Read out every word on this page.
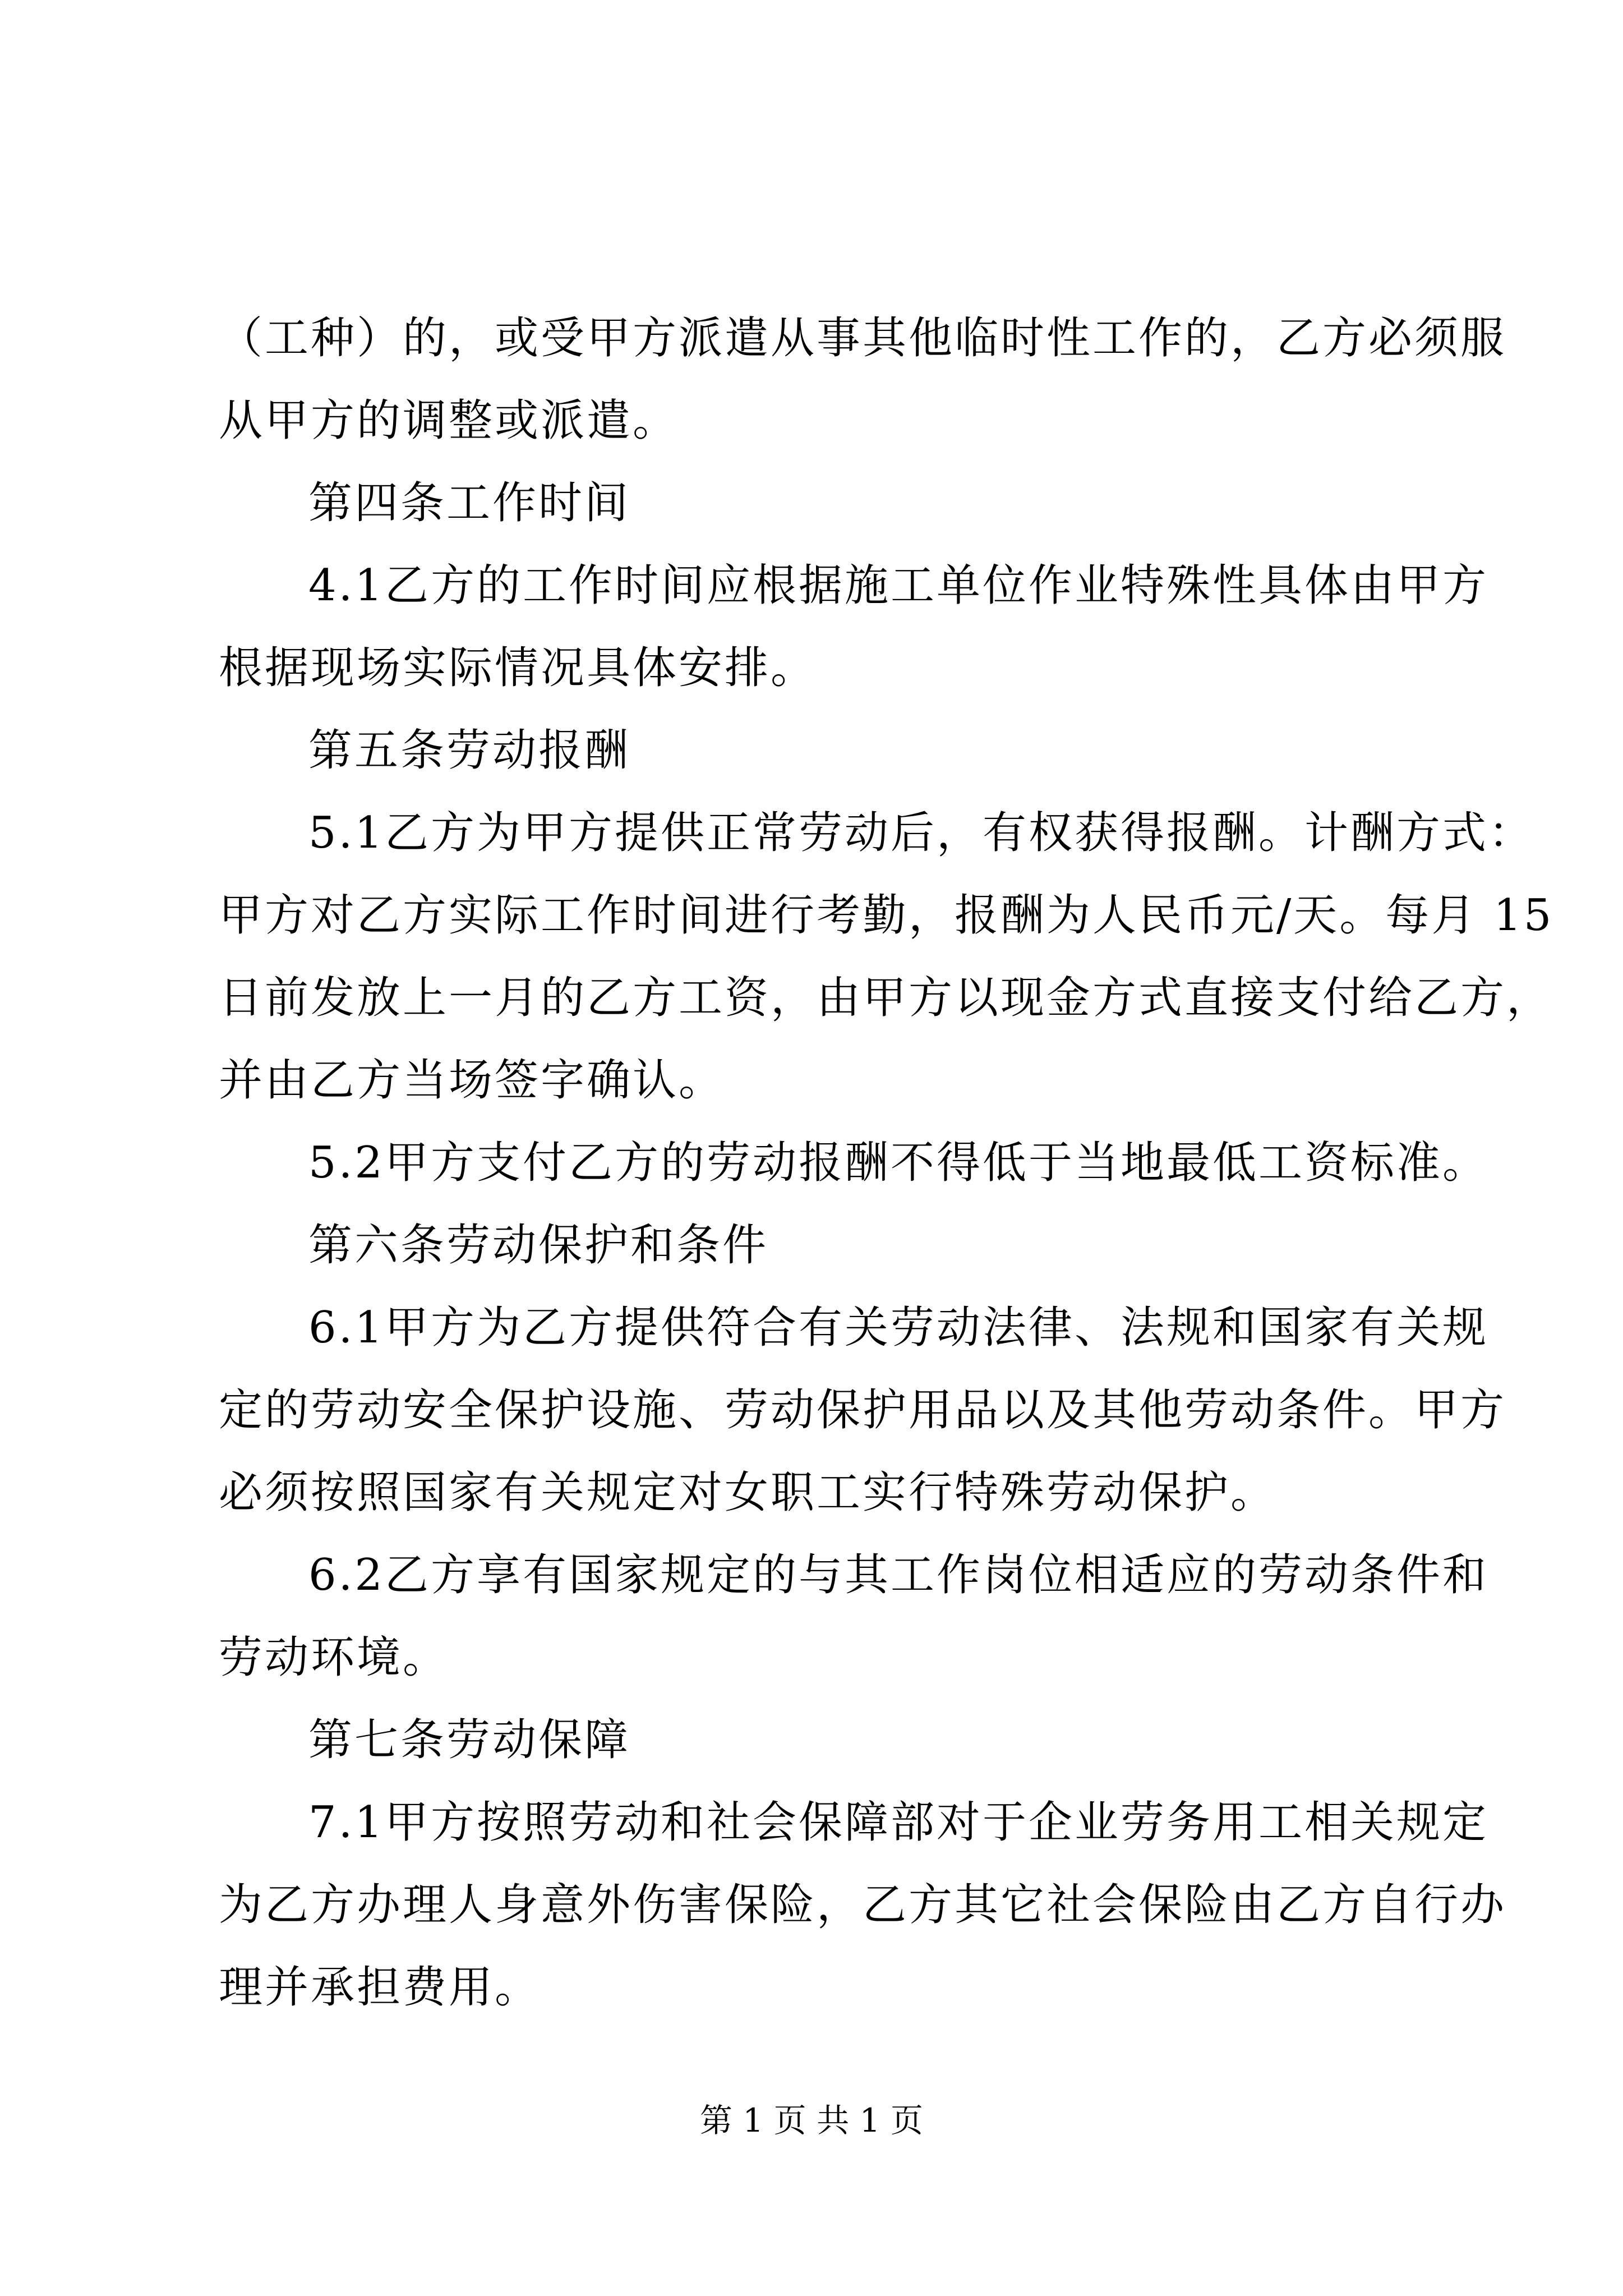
（工种）的，或受甲方派遣从事其他临时性工作的，乙方必须服
从甲方的调整或派遣。
第四条工作时间
4.1乙方的工作时间应根据施工单位作业特殊性具体由甲方
根据现场实际情况具体安排。
第五条劳动报酬
5.1乙方为甲方提供正常劳动后，有权获得报酬。计酬方式：
甲方对乙方实际工作时间进行考勤，报酬为人民币元/天。每月 15
日前发放上一月的乙方工资，由甲方以现金方式直接支付给乙方，
并由乙方当场签字确认。
5.2甲方支付乙方的劳动报酬不得低于当地最低工资标准。
第六条劳动保护和条件
6.1甲方为乙方提供符合有关劳动法律、法规和国家有关规
定的劳动安全保护设施、劳动保护用品以及其他劳动条件。甲方
必须按照国家有关规定对女职工实行特殊劳动保护。
6.2乙方享有国家规定的与其工作岗位相适应的劳动条件和
劳动环境。
第七条劳动保障
7.1甲方按照劳动和社会保障部对于企业劳务用工相关规定
为乙方办理人身意外伤害保险，乙方其它社会保险由乙方自行办
理并承担费用。
第 1 页 共 1 页
